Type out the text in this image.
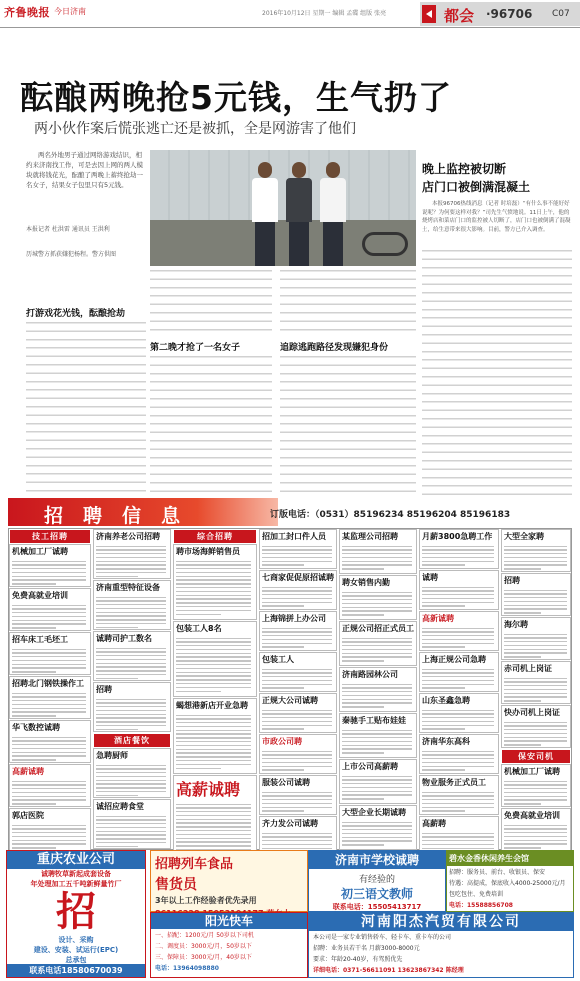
齐鲁晚报 今日济南	2016年10月12日 星期一 编辑 孟碟 组版 张亮	都会 ·96706 C07
酝酿两晚抢5元钱，生气扔了
两小伙作案后慌张逃亡还是被抓，全是网游害了他们
两名外地男子通过网络游戏结识，相约来济南找工作，可是去因上网的两人模块就将钱花光，酝酿了两晚上蓄终抢劫一名女子，结果女子包里只有5元钱。
本报记者 杜洪雷 通讯员 王洪利
历城警方抓获嫌犯杨程。警方供图
晚上监控被切断
店门口被倒满混凝土
本报96706热线消息（记者 时培磊）“有什么事不能好好说呢？为何要这样对我？”司先生气愤地说。11日上午，他的烧烤店和菜店门口的监控被人切断了，店门口也被倒满了混凝土，给生意带来很大影响。目前，警方已介入调查。
打游戏花光钱，酝酿抢劫
第二晚才抢了一名女子	追踪逃跑路径发现嫌犯身份
招聘信息	订版电话：（0531）85196234 85196204 85196183
技工招聘
机械加工厂诚聘
免费高就业培训
招车床工毛坯工
招聘北门钢铁操作工
华飞数控诚聘
高薪诚聘
郭店医院
济南养老公司招聘
济南重型特征设备
诚聘司护工数名
招聘
酒店餐饮
急聘厨师
诚招应聘食堂
综合招聘
聘市场海鲜销售员
包装工人8名
蝎想港新店开业急聘
高薪诚聘
招加工封口件人员
七商家促促原招诚聘
上海锦拼上办公司
包装工人
正规大公司诚聘
市政公司聘
服装公司诚聘
齐力发公司诚聘
某监理公司招聘
聘女销售内勤
正规公司招正式员工
济南路园林公司
秦驰手工贴布娃娃
上市公司高薪聘
大型企业长期诚聘
月薪3800急聘工作
诚聘
高新诚聘
上海正规公司急聘
山东圣鑫急聘
济南华东高科
物业服务正式员工
高薪聘
大型全家聘
招聘
海尔聘
赤司机上岗证
快办司机上岗证
保安司机
机械加工厂诚聘
免费高就业培训
重庆农业公司
诚聘牧草新起成套设备
年处理加工五千吨新鲜量竹厂
招
设计、采购
建设、安装、试运行(EPC)
总承包
联系电话18580670039
招聘列车食品
售货员
3年以上工作经验者优先录用
济南市学校诚聘
有经验的
初三语文教师
联系电话：15505413717
碧水金香休闲养生会馆
招聘：服务员、前台、收银员、保安
待遇：高提成，保底收入4000-25000元/月
包吃包住、免费培训
电话：15588856708
阳光快车
一、招配：1200元/月 50岁以下司机
二、调度员：3000元/月，50岁以下
三、保障员：3000元/月，40岁以下
电话：13964098880
河南阳杰汽贸有限公司
本公司是一家专业销售轿车、轻卡车、重卡车的公司
招聘：业务员若干名 月薪3000-8000元
要求：年龄20-40岁，有驾照优先
详细电话：0371-56611091 13623867342 陈经理
